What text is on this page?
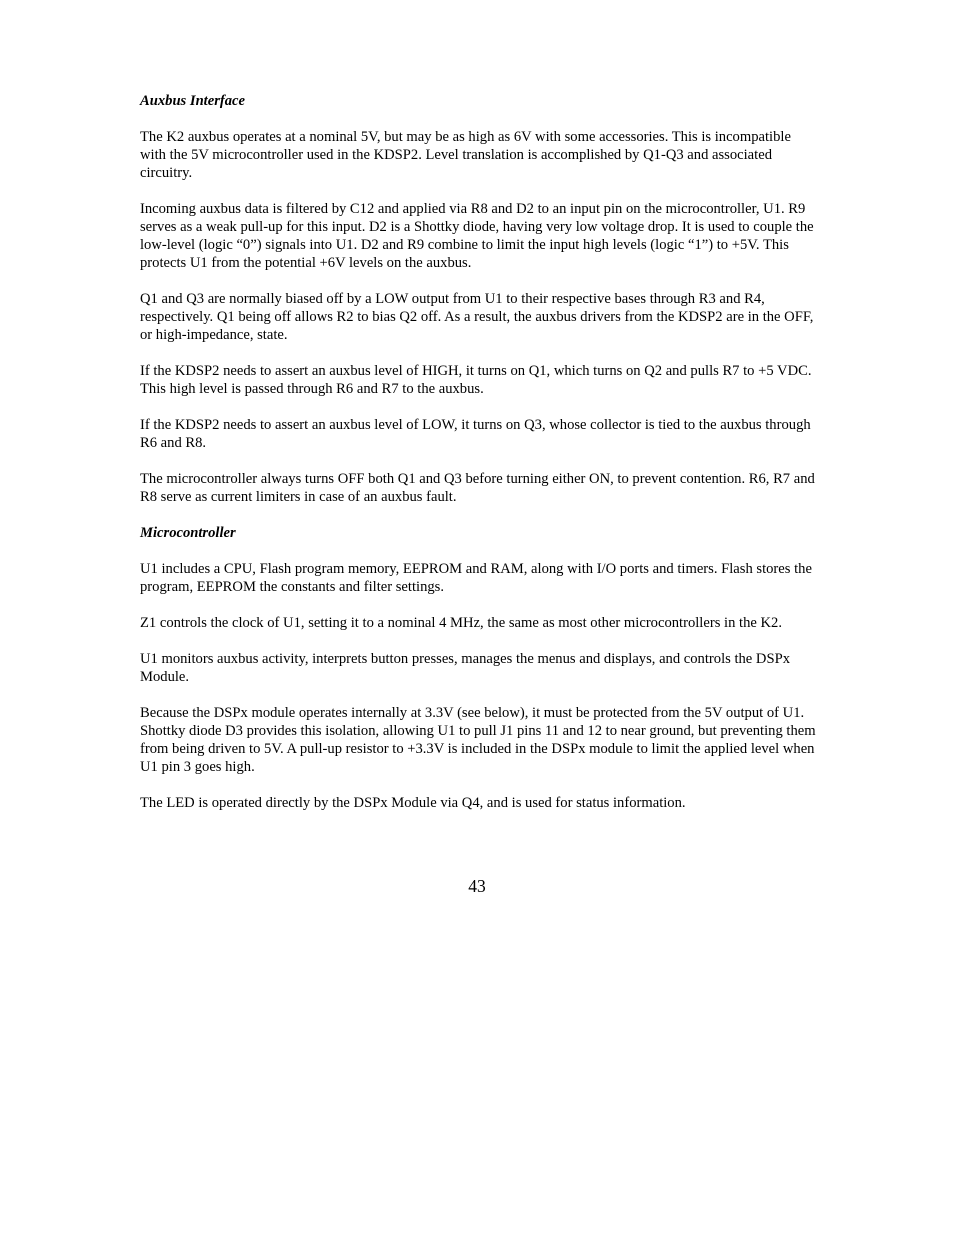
Auxbus Interface

The K2 auxbus operates at a nominal 5V, but may be as high as 6V with some accessories. This is incompatible with the 5V microcontroller used in the KDSP2. Level translation is accomplished by Q1-Q3 and associated circuitry.

Incoming auxbus data is filtered by C12 and applied via R8 and D2 to an input pin on the microcontroller, U1. R9 serves as a weak pull-up for this input. D2 is a Shottky diode, having very low voltage drop. It is used to couple the low-level (logic “0”) signals into U1. D2 and R9 combine to limit the input high levels (logic “1”) to +5V. This protects U1 from the potential +6V levels on the auxbus.

Q1 and Q3 are normally biased off by a LOW output from U1 to their respective bases through R3 and R4, respectively. Q1 being off allows R2 to bias Q2 off. As a result, the auxbus drivers from the KDSP2 are in the OFF, or high-impedance, state.

If the KDSP2 needs to assert an auxbus level of HIGH, it turns on Q1, which turns on Q2 and pulls R7 to +5 VDC. This high level is passed through R6 and R7 to the auxbus.

If the KDSP2 needs to assert an auxbus level of LOW, it turns on Q3, whose collector is tied to the auxbus through R6 and R8.

The microcontroller always turns OFF both Q1 and Q3 before turning either ON, to prevent contention. R6, R7 and R8 serve as current limiters in case of an auxbus fault.

Microcontroller

U1 includes a CPU, Flash program memory, EEPROM and RAM, along with I/O ports and timers. Flash stores the program, EEPROM the constants and filter settings.

Z1 controls the clock of U1, setting it to a nominal 4 MHz, the same as most other microcontrollers in the K2.

U1 monitors auxbus activity, interprets button presses, manages the menus and displays, and controls the DSPx Module.

Because the DSPx module operates internally at 3.3V (see below), it must be protected from the 5V output of U1. Shottky diode D3 provides this isolation, allowing U1 to pull J1 pins 11 and 12 to near ground, but preventing them from being driven to 5V. A pull-up resistor to +3.3V is included in the DSPx module to limit the applied level when U1 pin 3 goes high.

The LED is operated directly by the DSPx Module via Q4, and is used for status information.

43
